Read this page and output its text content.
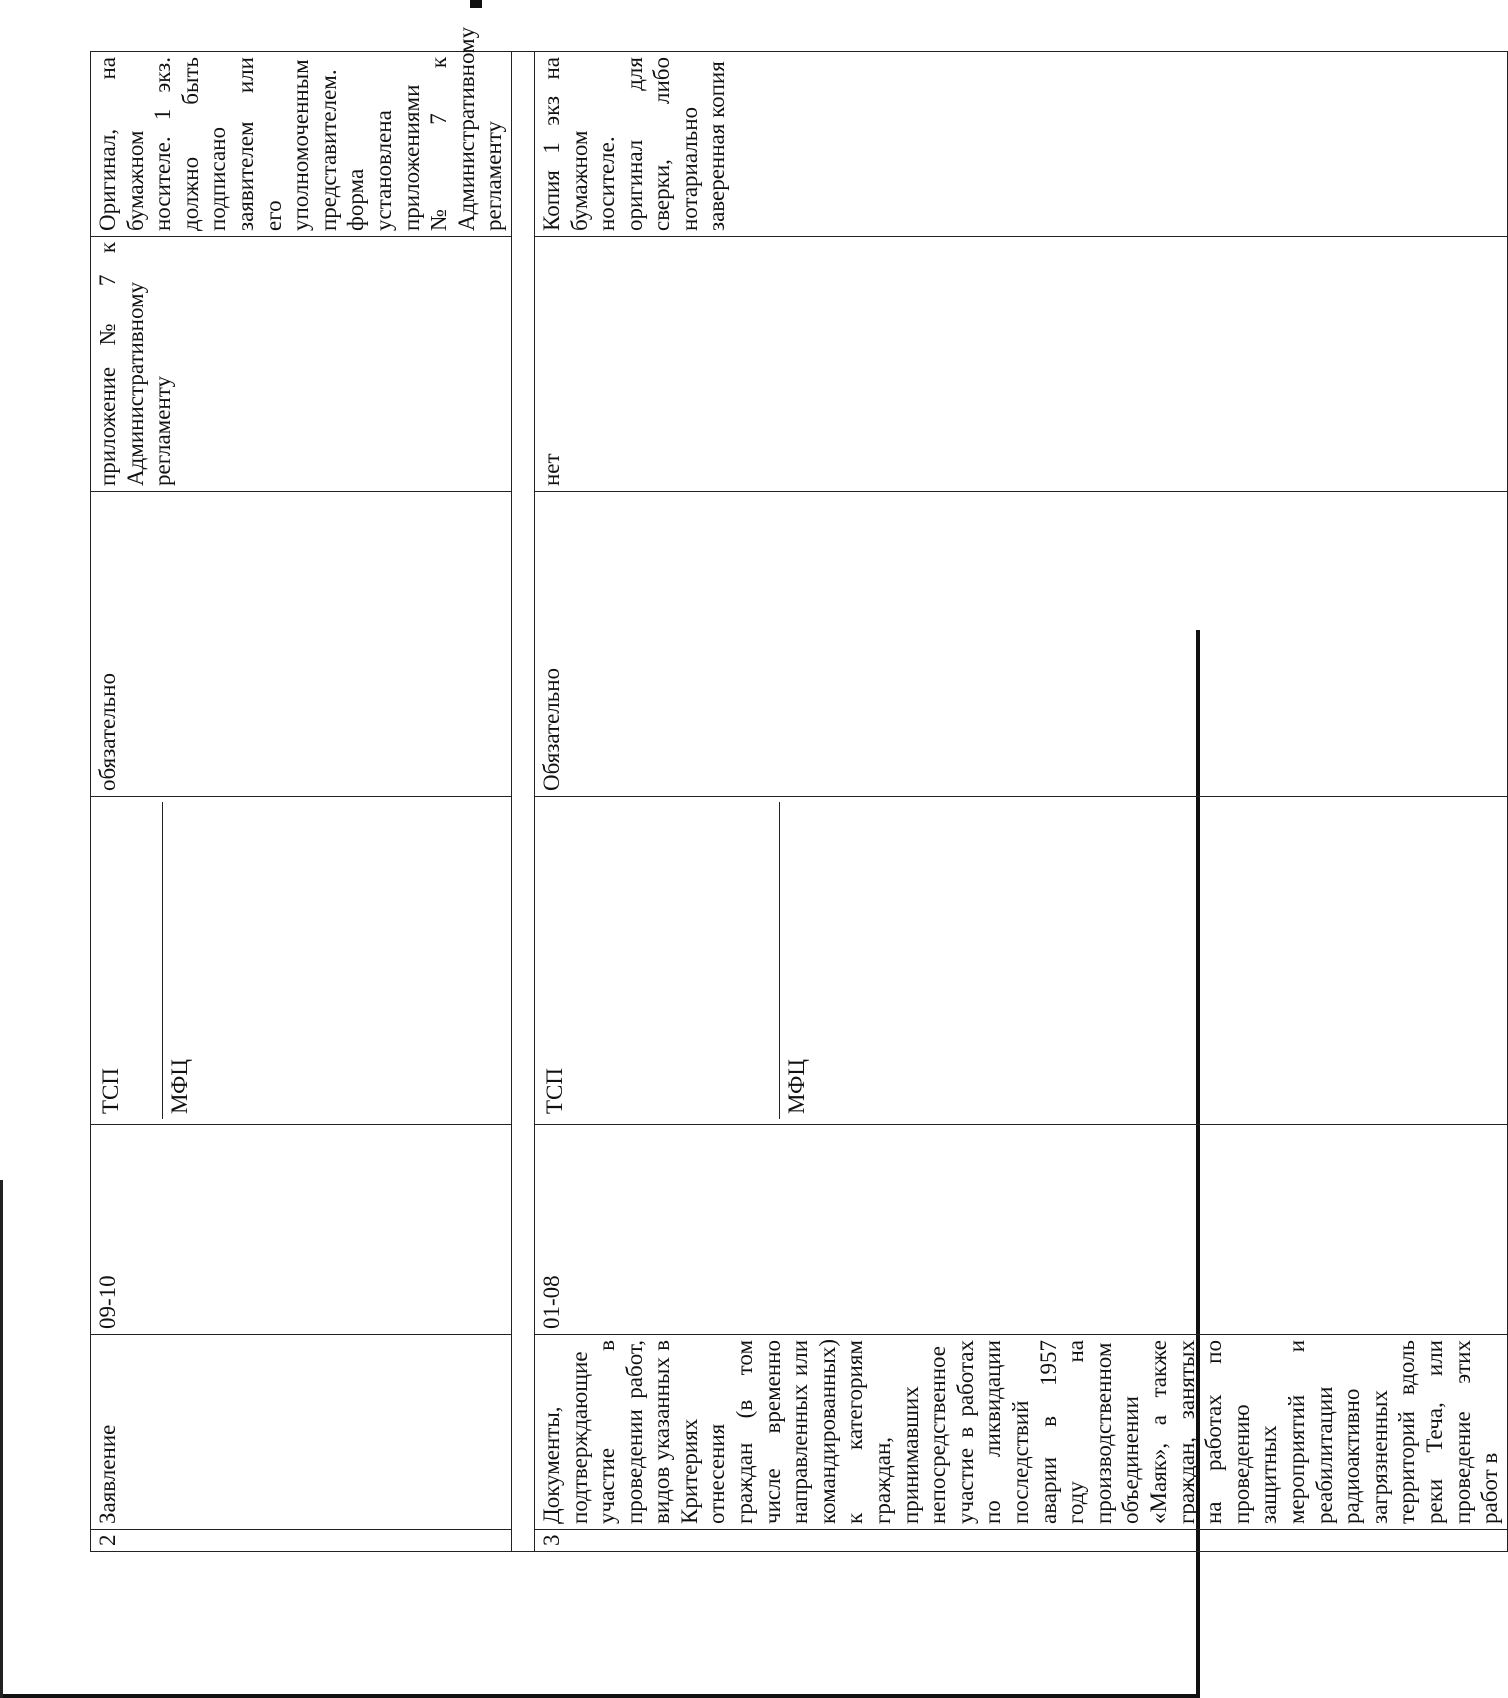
2	Заявление	09-10	ТСП МФЦ	обязательно	приложение № 7 к Административному регламенту	Оригинал, на бумажном носителе. 1 экз. должно быть подписано заявителем или его уполномоченным представителем. форма установлена приложениями № 7 к Административному регламенту

3	Документы, подтверждающие участие в проведении работ, видов указанных в Критериях отнесения граждан (в том числе временно направленных или командированных) к категориям граждан, принимавших непосредственное участие в работах по ликвидации последствий аварии в 1957 году на производственном объединении «Маяк», а также граждан, занятых на работах по проведению защитных мероприятий и реабилитации радиоактивно загрязненных территорий вдоль реки Теча, или проведение этих работ в	01-08	ТСП МФЦ	Обязательно	нет	Копия 1 экз на бумажном носителе. оригинал для сверки, либо нотариально заверенная копия
